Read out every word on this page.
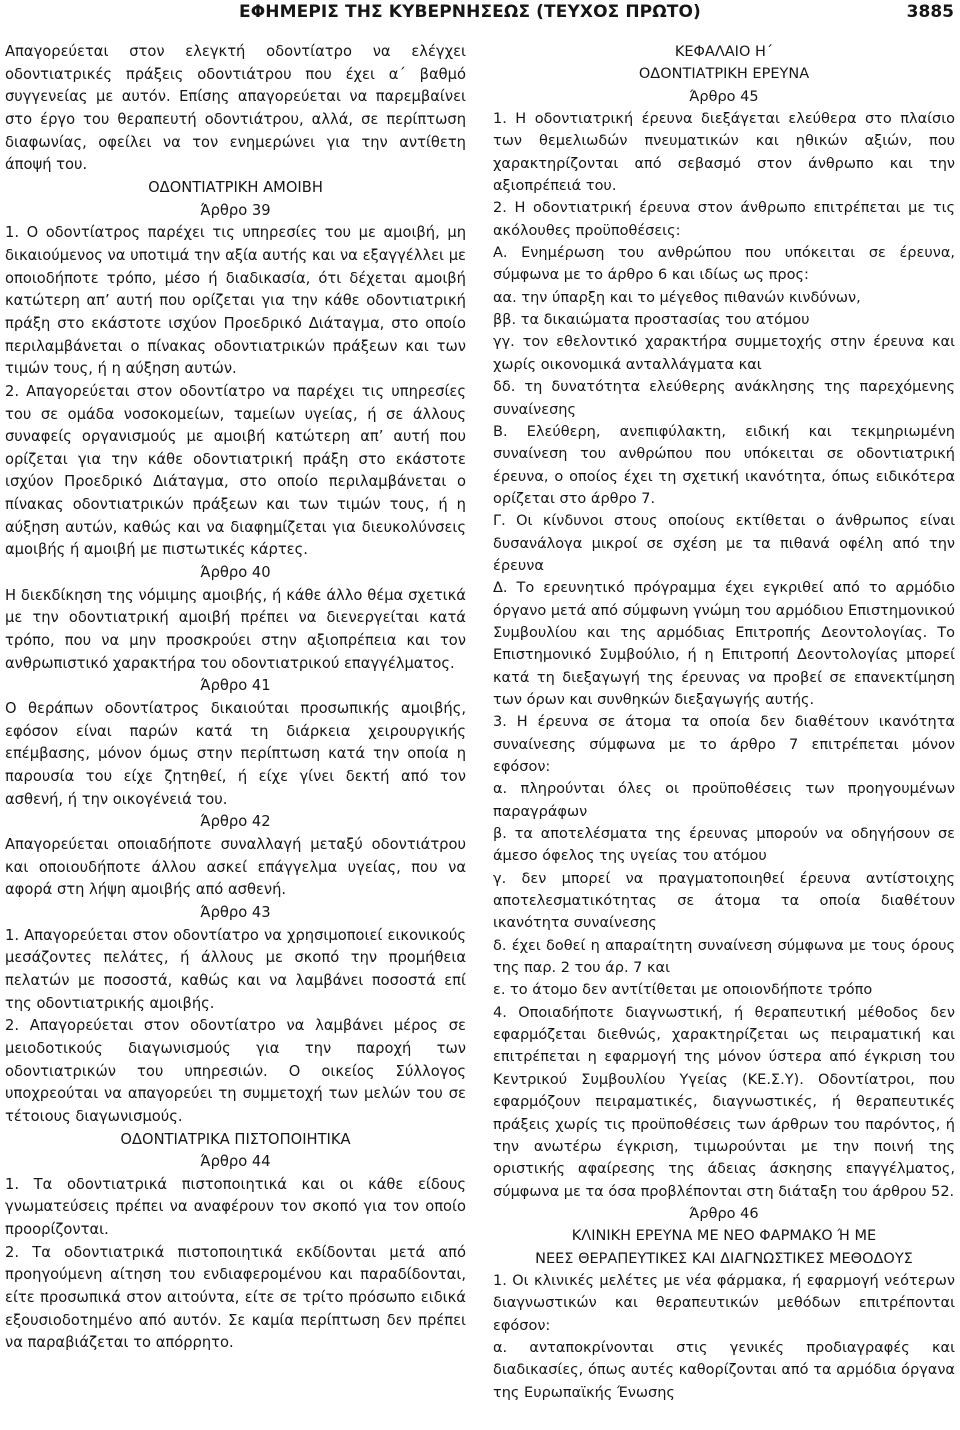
ΕΦΗΜΕΡΙΣ ΤΗΣ ΚΥΒΕΡΝΗΣΕΩΣ (ΤΕΥΧΟΣ ΠΡΩΤΟ)	3885
Απαγορεύεται στον ελεγκτή οδοντίατρο να ελέγχει οδοντιατρικές πράξεις οδοντιάτρου που έχει α΄ βαθμό συγγενείας με αυτόν. Επίσης απαγορεύεται να παρεμβαίνει στο έργο του θεραπευτή οδοντιάτρου, αλλά, σε περίπτωση διαφωνίας, οφείλει να τον ενημερώνει για την αντίθετη άποψή του.
ΟΔΟΝΤΙΑΤΡΙΚΗ ΑΜΟΙΒΗ
Άρθρο 39
1. Ο οδοντίατρος παρέχει τις υπηρεσίες του με αμοιβή, μη δικαιούμενος να υποτιμά την αξία αυτής και να εξαγγέλλει με οποιοδήποτε τρόπο, μέσο ή διαδικασία, ότι δέχεται αμοιβή κατώτερη απ’ αυτή που ορίζεται για την κάθε οδοντιατρική πράξη στο εκάστοτε ισχύον Προεδρικό Διάταγμα, στο οποίο περιλαμβάνεται ο πίνακας οδοντιατρικών πράξεων και των τιμών τους, ή η αύξηση αυτών.
2. Απαγορεύεται στον οδοντίατρο να παρέχει τις υπηρεσίες του σε ομάδα νοσοκομείων, ταμείων υγείας, ή σε άλλους συναφείς οργανισμούς με αμοιβή κατώτερη απ’ αυτή που ορίζεται για την κάθε οδοντιατρική πράξη στο εκάστοτε ισχύον Προεδρικό Διάταγμα, στο οποίο περιλαμβάνεται ο πίνακας οδοντιατρικών πράξεων και των τιμών τους, ή η αύξηση αυτών, καθώς και να διαφημίζεται για διευκολύνσεις αμοιβής ή αμοιβή με πιστωτικές κάρτες.
Άρθρο 40
Η διεκδίκηση της νόμιμης αμοιβής, ή κάθε άλλο θέμα σχετικά με την οδοντιατρική αμοιβή πρέπει να διενεργείται κατά τρόπο, που να μην προσκρούει στην αξιοπρέπεια και τον ανθρωπιστικό χαρακτήρα του οδοντιατρικού επαγγέλματος.
Άρθρο 41
Ο θεράπων οδοντίατρος δικαιούται προσωπικής αμοιβής, εφόσον είναι παρών κατά τη διάρκεια χειρουργικής επέμβασης, μόνον όμως στην περίπτωση κατά την οποία η παρουσία του είχε ζητηθεί, ή είχε γίνει δεκτή από τον ασθενή, ή την οικογένειά του.
Άρθρο 42
Απαγορεύεται οποιαδήποτε συναλλαγή μεταξύ οδοντιάτρου και οποιουδήποτε άλλου ασκεί επάγγελμα υγείας, που να αφορά στη λήψη αμοιβής από ασθενή.
Άρθρο 43
1. Απαγορεύεται στον οδοντίατρο να χρησιμοποιεί εικονικούς μεσάζοντες πελάτες, ή άλλους με σκοπό την προμήθεια πελατών με ποσοστά, καθώς και να λαμβάνει ποσοστά επί της οδοντιατρικής αμοιβής.
2. Απαγορεύεται στον οδοντίατρο να λαμβάνει μέρος σε μειοδοτικούς διαγωνισμούς για την παροχή των οδοντιατρικών του υπηρεσιών. Ο οικείος Σύλλογος υποχρεούται να απαγορεύει τη συμμετοχή των μελών του σε τέτοιους διαγωνισμούς.
ΟΔΟΝΤΙΑΤΡΙΚΑ ΠΙΣΤΟΠΟΙΗΤΙΚΑ
Άρθρο 44
1. Τα οδοντιατρικά πιστοποιητικά και οι κάθε είδους γνωματεύσεις πρέπει να αναφέρουν τον σκοπό για τον οποίο προορίζονται.
2. Τα οδοντιατρικά πιστοποιητικά εκδίδονται μετά από προηγούμενη αίτηση του ενδιαφερομένου και παραδίδονται, είτε προσωπικά στον αιτούντα, είτε σε τρίτο πρόσωπο ειδικά εξουσιοδοτημένο από αυτόν. Σε καμία περίπτωση δεν πρέπει να παραβιάζεται το απόρρητο.
ΚΕΦΑΛΑΙΟ Η΄
ΟΔΟΝΤΙΑΤΡΙΚΗ ΕΡΕΥΝΑ
Άρθρο 45
1. Η οδοντιατρική έρευνα διεξάγεται ελεύθερα στο πλαίσιο των θεμελιωδών πνευματικών και ηθικών αξιών, που χαρακτηρίζονται από σεβασμό στον άνθρωπο και την αξιοπρέπειά του.
2. Η οδοντιατρική έρευνα στον άνθρωπο επιτρέπεται με τις ακόλουθες προϋποθέσεις:
Α. Ενημέρωση του ανθρώπου που υπόκειται σε έρευνα, σύμφωνα με το άρθρο 6 και ιδίως ως προς:
αα. την ύπαρξη και το μέγεθος πιθανών κινδύνων,
ββ. τα δικαιώματα προστασίας του ατόμου
γγ. τον εθελοντικό χαρακτήρα συμμετοχής στην έρευνα και χωρίς οικονομικά ανταλλάγματα και
δδ. τη δυνατότητα ελεύθερης ανάκλησης της παρεχόμενης συναίνεσης
Β. Ελεύθερη, ανεπιφύλακτη, ειδική και τεκμηριωμένη συναίνεση του ανθρώπου που υπόκειται σε οδοντιατρική έρευνα, ο οποίος έχει τη σχετική ικανότητα, όπως ειδικότερα ορίζεται στο άρθρο 7.
Γ. Οι κίνδυνοι στους οποίους εκτίθεται ο άνθρωπος είναι δυσανάλογα μικροί σε σχέση με τα πιθανά οφέλη από την έρευνα
Δ. Το ερευνητικό πρόγραμμα έχει εγκριθεί από το αρμόδιο όργανο μετά από σύμφωνη γνώμη του αρμόδιου Επιστημονικού Συμβουλίου και της αρμόδιας Επιτροπής Δεοντολογίας. Το Επιστημονικό Συμβούλιο, ή η Επιτροπή Δεοντολογίας μπορεί κατά τη διεξαγωγή της έρευνας να προβεί σε επανεκτίμηση των όρων και συνθηκών διεξαγωγής αυτής.
3. Η έρευνα σε άτομα τα οποία δεν διαθέτουν ικανότητα συναίνεσης σύμφωνα με το άρθρο 7 επιτρέπεται μόνον εφόσον:
α. πληρούνται όλες οι προϋποθέσεις των προηγουμένων παραγράφων
β. τα αποτελέσματα της έρευνας μπορούν να οδηγήσουν σε άμεσο όφελος της υγείας του ατόμου
γ. δεν μπορεί να πραγματοποιηθεί έρευνα αντίστοιχης αποτελεσματικότητας σε άτομα τα οποία διαθέτουν ικανότητα συναίνεσης
δ. έχει δοθεί η απαραίτητη συναίνεση σύμφωνα με τους όρους της παρ. 2 του άρ. 7 και
ε. το άτομο δεν αντίτίθεται με οποιονδήποτε τρόπο
4. Οποιαδήποτε διαγνωστική, ή θεραπευτική μέθοδος δεν εφαρμόζεται διεθνώς, χαρακτηρίζεται ως πειραματική και επιτρέπεται η εφαρμογή της μόνον ύστερα από έγκριση του Κεντρικού Συμβουλίου Υγείας (ΚΕ.Σ.Υ). Οδοντίατροι, που εφαρμόζουν πειραματικές, διαγνωστικές, ή θεραπευτικές πράξεις χωρίς τις προϋποθέσεις των άρθρων του παρόντος, ή την ανωτέρω έγκριση, τιμωρούνται με την ποινή της οριστικής αφαίρεσης της άδειας άσκησης επαγγέλματος, σύμφωνα με τα όσα προβλέπονται στη διάταξη του άρθρου 52.
Άρθρο 46
ΚΛΙΝΙΚΗ ΕΡΕΥΝΑ ΜΕ ΝΕΟ ΦΑΡΜΑΚΟ Ή ΜΕ
ΝΕΕΣ ΘΕΡΑΠΕΥΤΙΚΕΣ ΚΑΙ ΔΙΑΓΝΩΣΤΙΚΕΣ ΜΕΘΟΔΟΥΣ
1. Οι κλινικές μελέτες με νέα φάρμακα, ή εφαρμογή νεότερων διαγνωστικών και θεραπευτικών μεθόδων επιτρέπονται εφόσον:
α. ανταποκρίνονται στις γενικές προδιαγραφές και διαδικασίες, όπως αυτές καθορίζονται από τα αρμόδια όργανα της Ευρωπαϊκής Ένωσης
